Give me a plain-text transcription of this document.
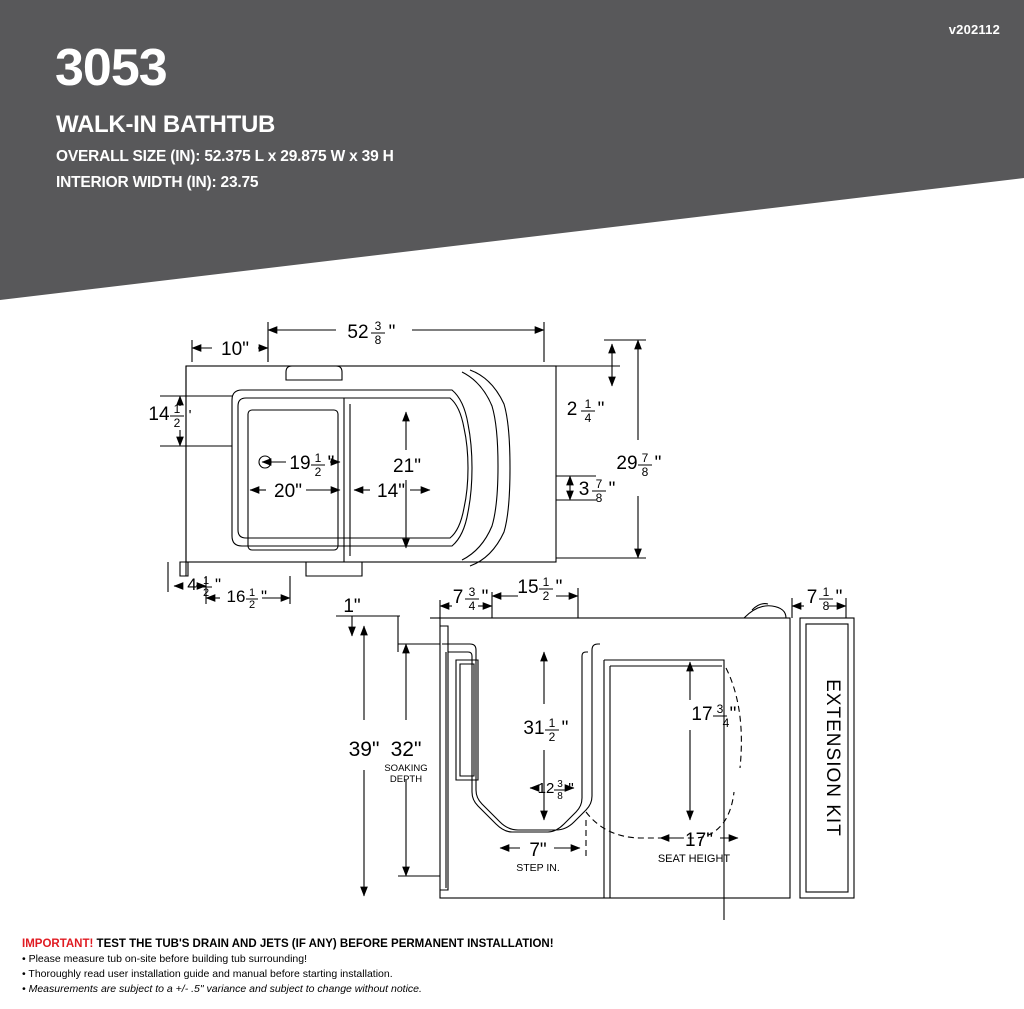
v202112
3053
WALK-IN BATHTUB
OVERALL SIZE (IN): 52.375 L x 29.875 W x 39 H
INTERIOR WIDTH (IN): 23.75
52 3
8 "
10"
14 1
2 '
19 1
2 "
20"
21"
14"
2 1
4 "
29 7
8 "
3 7
8 "
4 1
2 "
16 1
2 "	1"	7 3
4 " 15 1
2 "	7 1
8 "
39" 32"
SOAKING
DEPTH
31 1
2 "
12 3
8 "
7"
STEP IN.
17 3
4 "
17"
SEAT HEIGHT
EXTENSION KIT
IMPORTANT! TEST THE TUB'S DRAIN AND JETS (IF ANY) BEFORE PERMANENT INSTALLATION!
• Please measure tub on-site before building tub surrounding!
• Thoroughly read user installation guide and manual before starting installation.
• Measurements are subject to a +/- .5" variance and subject to change without notice.
